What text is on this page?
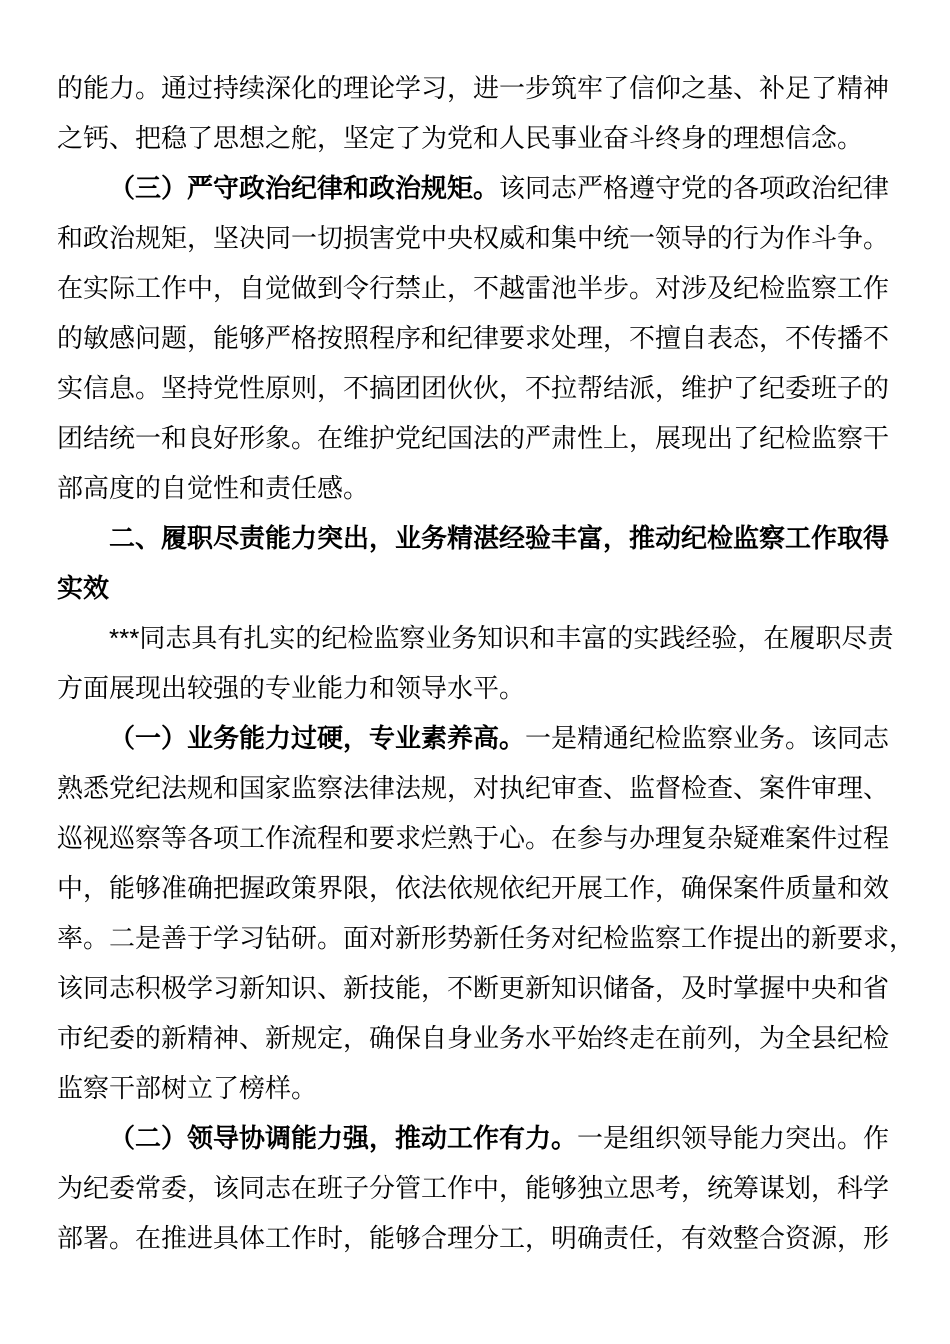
的能力。通过持续深化的理论学习，进一步筑牢了信仰之基、补足了精神
之钙、把稳了思想之舵，坚定了为党和人民事业奋斗终身的理想信念。
（三）严守政治纪律和政治规矩。该同志严格遵守党的各项政治纪律
和政治规矩，坚决同一切损害党中央权威和集中统一领导的行为作斗争。
在实际工作中，自觉做到令行禁止，不越雷池半步。对涉及纪检监察工作
的敏感问题，能够严格按照程序和纪律要求处理，不擅自表态，不传播不
实信息。坚持党性原则，不搞团团伙伙，不拉帮结派，维护了纪委班子的
团结统一和良好形象。在维护党纪国法的严肃性上，展现出了纪检监察干
部高度的自觉性和责任感。
二、履职尽责能力突出，业务精湛经验丰富，推动纪检监察工作取得
实效
***同志具有扎实的纪检监察业务知识和丰富的实践经验，在履职尽责
方面展现出较强的专业能力和领导水平。
（一）业务能力过硬，专业素养高。一是精通纪检监察业务。该同志
熟悉党纪法规和国家监察法律法规，对执纪审查、监督检查、案件审理、
巡视巡察等各项工作流程和要求烂熟于心。在参与办理复杂疑难案件过程
中，能够准确把握政策界限，依法依规依纪开展工作，确保案件质量和效
率。二是善于学习钻研。面对新形势新任务对纪检监察工作提出的新要求，
该同志积极学习新知识、新技能，不断更新知识储备，及时掌握中央和省
市纪委的新精神、新规定，确保自身业务水平始终走在前列，为全县纪检
监察干部树立了榜样。
（二）领导协调能力强，推动工作有力。一是组织领导能力突出。作
为纪委常委，该同志在班子分管工作中，能够独立思考，统筹谋划，科学
部署。在推进具体工作时，能够合理分工，明确责任，有效整合资源，形
